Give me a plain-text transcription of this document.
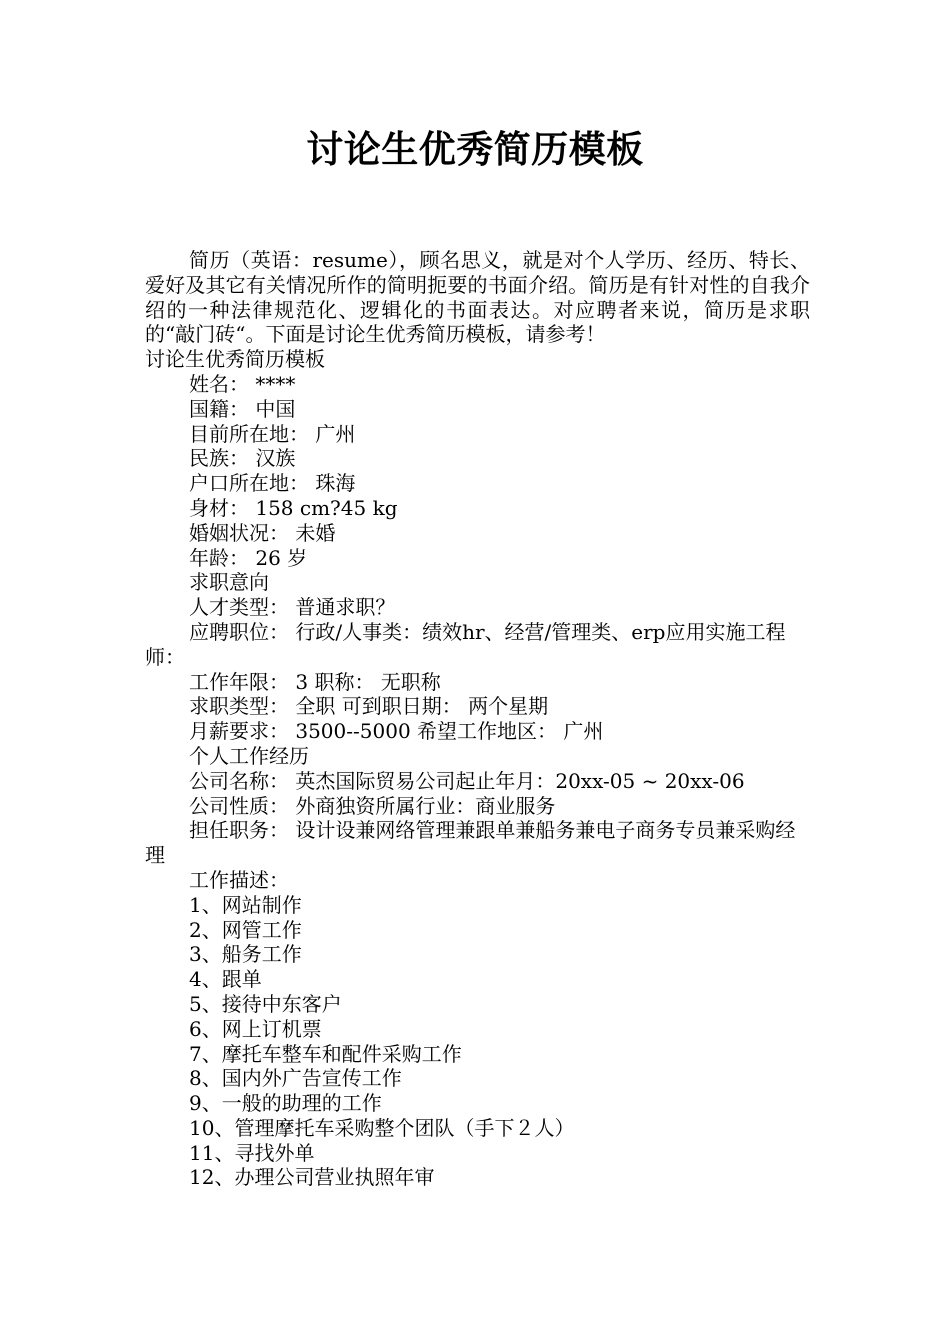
讨论生优秀简历模板

简历（英语：resume），顾名思义，就是对个人学历、经历、特长、爱好及其它有关情况所作的简明扼要的书面介绍。简历是有针对性的自我介绍的一种法律规范化、逻辑化的书面表达。对应聘者来说，简历是求职的“敲门砖“。下面是讨论生优秀简历模板，请参考！

讨论生优秀简历模板

姓名： ****

国籍： 中国

目前所在地： 广州

民族： 汉族

户口所在地： 珠海

身材： 158 cm?45 kg

婚姻状况： 未婚

年龄： 26 岁

求职意向

人才类型： 普通求职？

应聘职位： 行政/人事类：绩效hr、经营/管理类、erp应用实施工程师：

工作年限： 3 职称： 无职称

求职类型： 全职 可到职日期： 两个星期

月薪要求： 3500--5000 希望工作地区： 广州

个人工作经历

公司名称： 英杰国际贸易公司起止年月：20xx-05 ~ 20xx-06

公司性质： 外商独资所属行业：商业服务

担任职务： 设计设兼网络管理兼跟单兼船务兼电子商务专员兼采购经理

工作描述：

1、网站制作

2、网管工作

3、船务工作

4、跟单

5、接待中东客户

6、网上订机票

7、摩托车整车和配件采购工作

8、国内外广告宣传工作

9、一般的助理的工作

10、管理摩托车采购整个团队（手下２人）

11、寻找外单

12、办理公司营业执照年审
